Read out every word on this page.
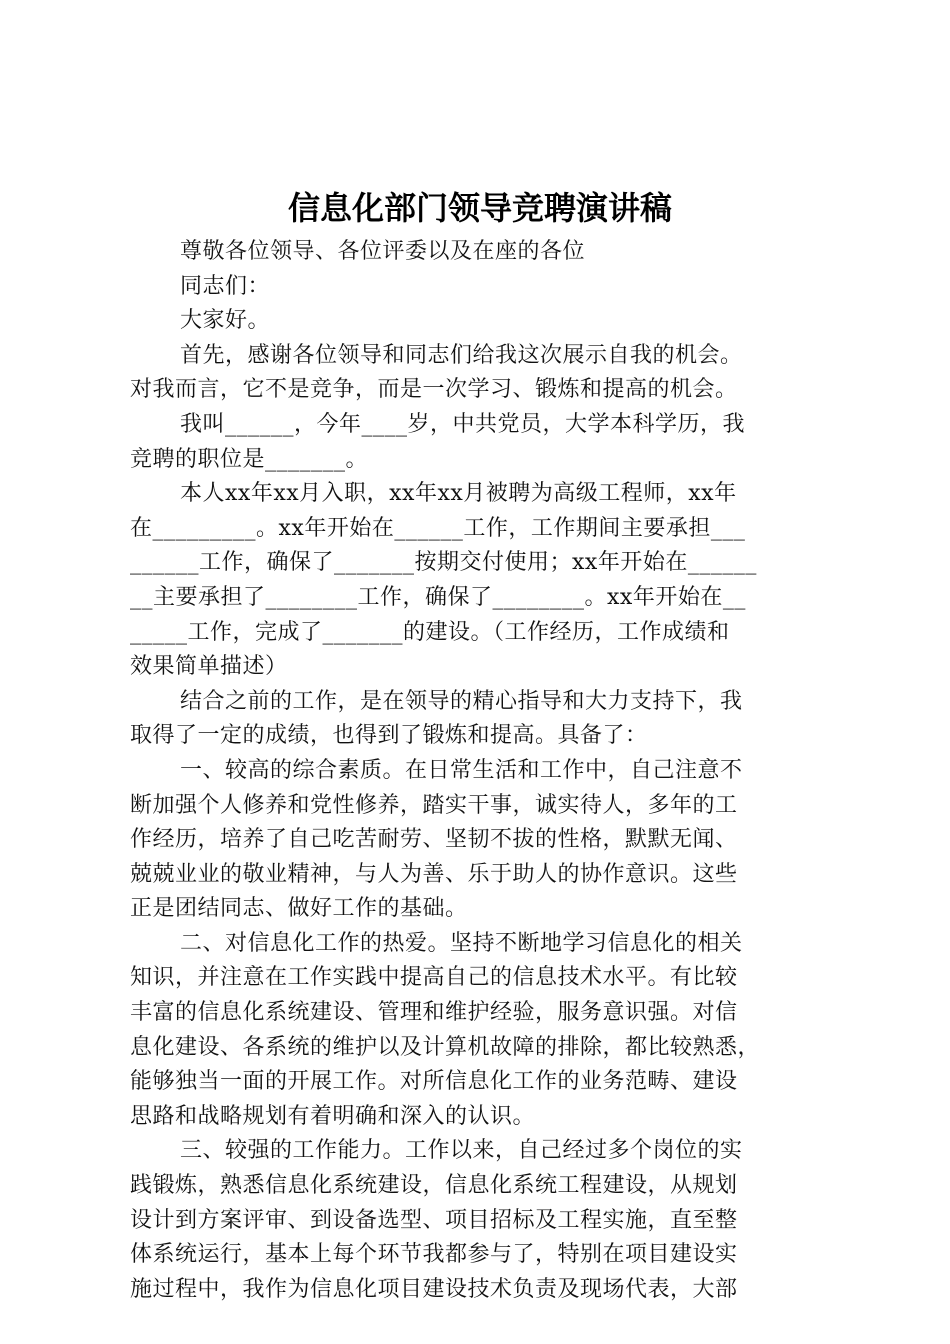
信息化部门领导竞聘演讲稿
尊敬各位领导、各位评委以及在座的各位
同志们：
大家好。
首先，感谢各位领导和同志们给我这次展示自我的机会。
对我而言，它不是竞争，而是一次学习、锻炼和提高的机会。
我叫______，今年____岁，中共党员，大学本科学历，我
竞聘的职位是_______。
本人xx年xx月入职，xx年xx月被聘为高级工程师，xx年
在_________。xx年开始在______工作，工作期间主要承担___
______工作，确保了_______按期交付使用；xx年开始在______
__主要承担了________工作，确保了________。xx年开始在__
_____工作，完成了_______的建设。（工作经历，工作成绩和
效果简单描述）
结合之前的工作，是在领导的精心指导和大力支持下，我
取得了一定的成绩，也得到了锻炼和提高。具备了：
一、较高的综合素质。在日常生活和工作中，自己注意不
断加强个人修养和党性修养，踏实干事，诚实待人，多年的工
作经历，培养了自己吃苦耐劳、坚韧不拔的性格，默默无闻、
兢兢业业的敬业精神，与人为善、乐于助人的协作意识。这些
正是团结同志、做好工作的基础。
二、对信息化工作的热爱。坚持不断地学习信息化的相关
知识，并注意在工作实践中提高自己的信息技术水平。有比较
丰富的信息化系统建设、管理和维护经验，服务意识强。对信
息化建设、各系统的维护以及计算机故障的排除，都比较熟悉，
能够独当一面的开展工作。对所信息化工作的业务范畴、建设
思路和战略规划有着明确和深入的认识。
三、较强的工作能力。工作以来，自己经过多个岗位的实
践锻炼，熟悉信息化系统建设，信息化系统工程建设，从规划
设计到方案评审、到设备选型、项目招标及工程实施，直至整
体系统运行，基本上每个环节我都参与了，特别在项目建设实
施过程中，我作为信息化项目建设技术负责及现场代表，大部
